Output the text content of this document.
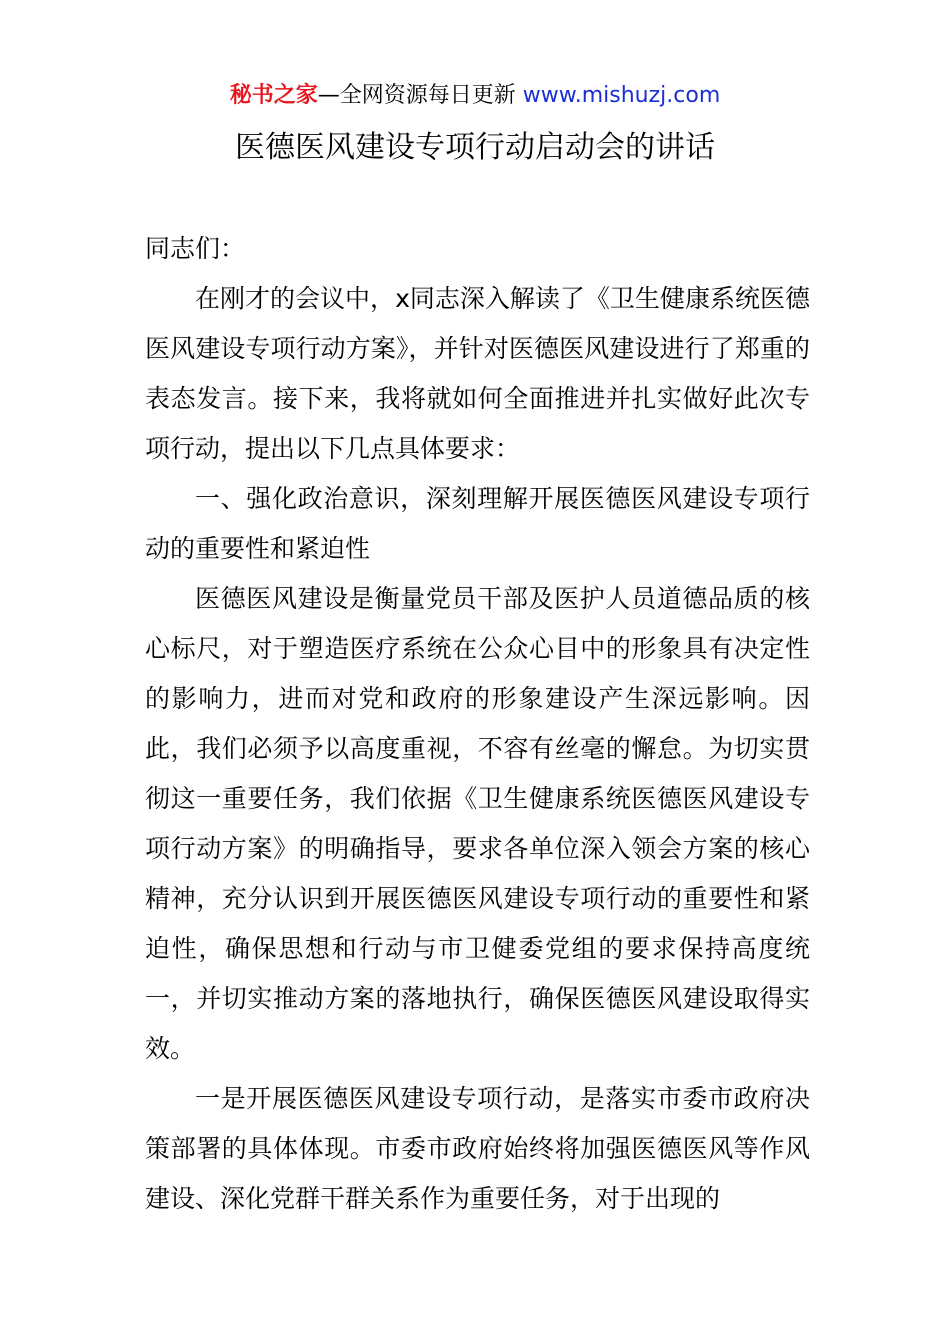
秘书之家—全网资源每日更新 www.mishuzj.com
医德医风建设专项行动启动会的讲话

同志们：

在刚才的会议中，x同志深入解读了《卫生健康系统医德医风建设专项行动方案》，并针对医德医风建设进行了郑重的表态发言。接下来，我将就如何全面推进并扎实做好此次专项行动，提出以下几点具体要求：

一、强化政治意识，深刻理解开展医德医风建设专项行动的重要性和紧迫性

医德医风建设是衡量党员干部及医护人员道德品质的核心标尺，对于塑造医疗系统在公众心目中的形象具有决定性的影响力，进而对党和政府的形象建设产生深远影响。因此，我们必须予以高度重视，不容有丝毫的懈怠。为切实贯彻这一重要任务，我们依据《卫生健康系统医德医风建设专项行动方案》的明确指导，要求各单位深入领会方案的核心精神，充分认识到开展医德医风建设专项行动的重要性和紧迫性，确保思想和行动与市卫健委党组的要求保持高度统一，并切实推动方案的落地执行，确保医德医风建设取得实效。

一是开展医德医风建设专项行动，是落实市委市政府决策部署的具体体现。市委市政府始终将加强医德医风等作风建设、深化党群干群关系作为重要任务，对于出现的
